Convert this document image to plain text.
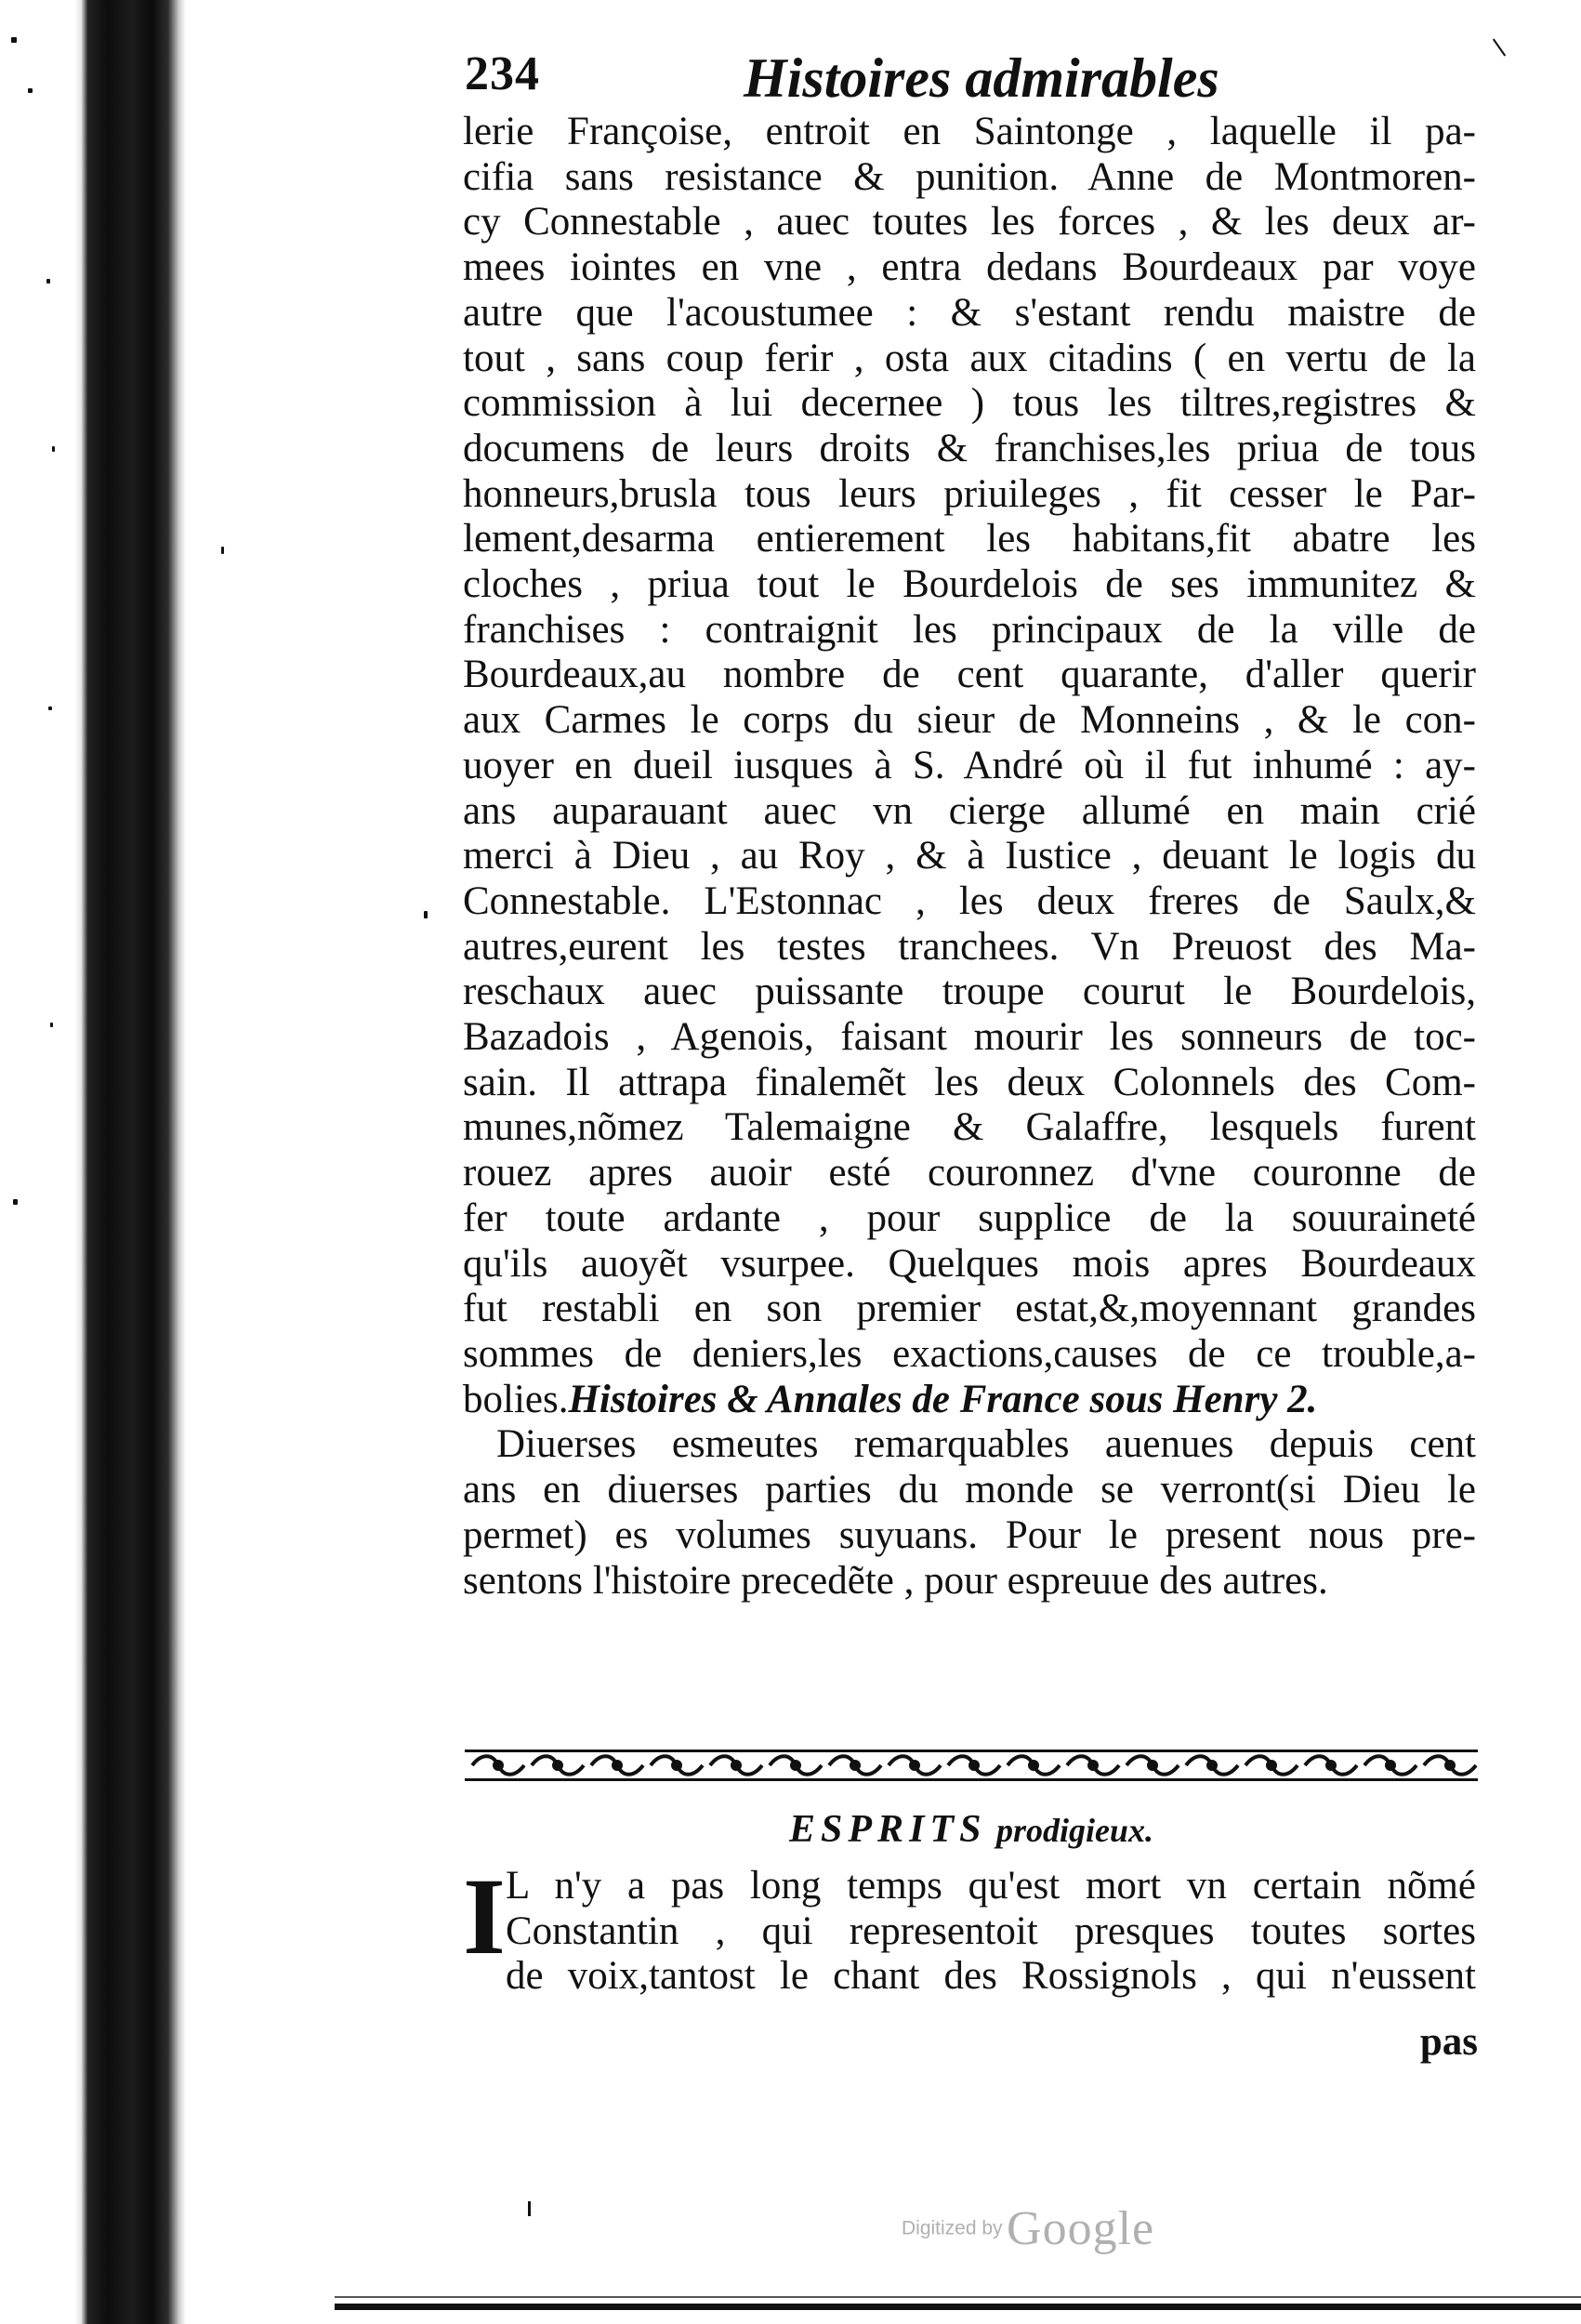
234	Histoires admirables
lerie Françoise, entroit en Saintonge , laquelle il pa-
cifia sans resistance & punition. Anne de Montmoren-
cy Connestable , auec toutes les forces , & les deux ar-
mees iointes en vne , entra dedans Bourdeaux par voye
autre que l'acoustumee : & s'estant rendu maistre de
tout , sans coup ferir , osta aux citadins ( en vertu de la
commission à lui decernee ) tous les tiltres,registres &
documens de leurs droits & franchises,les priua de tous
honneurs,brusla tous leurs priuileges , fit cesser le Par-
lement,desarma entierement les habitans,fit abatre les
cloches , priua tout le Bourdelois de ses immunitez &
franchises : contraignit les principaux de la ville de
Bourdeaux,au nombre de cent quarante, d'aller querir
aux Carmes le corps du sieur de Monneins , & le con-
uoyer en dueil iusques à S. André où il fut inhumé : ay-
ans auparauant auec vn cierge allumé en main crié
merci à Dieu , au Roy , & à Iustice , deuant le logis du
Connestable. L'Estonnac , les deux freres de Saulx,&
autres,eurent les testes tranchees. Vn Preuost des Ma-
reschaux auec puissante troupe courut le Bourdelois,
Bazadois , Agenois, faisant mourir les sonneurs de toc-
sain. Il attrapa finalemẽt les deux Colonnels des Com-
munes,nõmez Talemaigne & Galaffre, lesquels furent
rouez apres auoir esté couronnez d'vne couronne de
fer toute ardante , pour supplice de la souuraineté
qu'ils auoyẽt vsurpee. Quelques mois apres Bourdeaux
fut restabli en son premier estat,&,moyennant grandes
sommes de deniers,les exactions,causes de ce trouble,a-
bolies.Histoires & Annales de France sous Henry 2.
Diuerses esmeutes remarquables auenues depuis cent
ans en diuerses parties du monde se verront(si Dieu le
permet) es volumes suyuans. Pour le present nous pre-
sentons l'histoire precedẽte , pour espreuue des autres.
ESPRITS prodigieux.
I L n'y a pas long temps qu'est mort vn certain nõmé
Constantin , qui representoit presques toutes sortes
de voix,tantost le chant des Rossignols , qui n'eussent
pas
Digitized by Google
